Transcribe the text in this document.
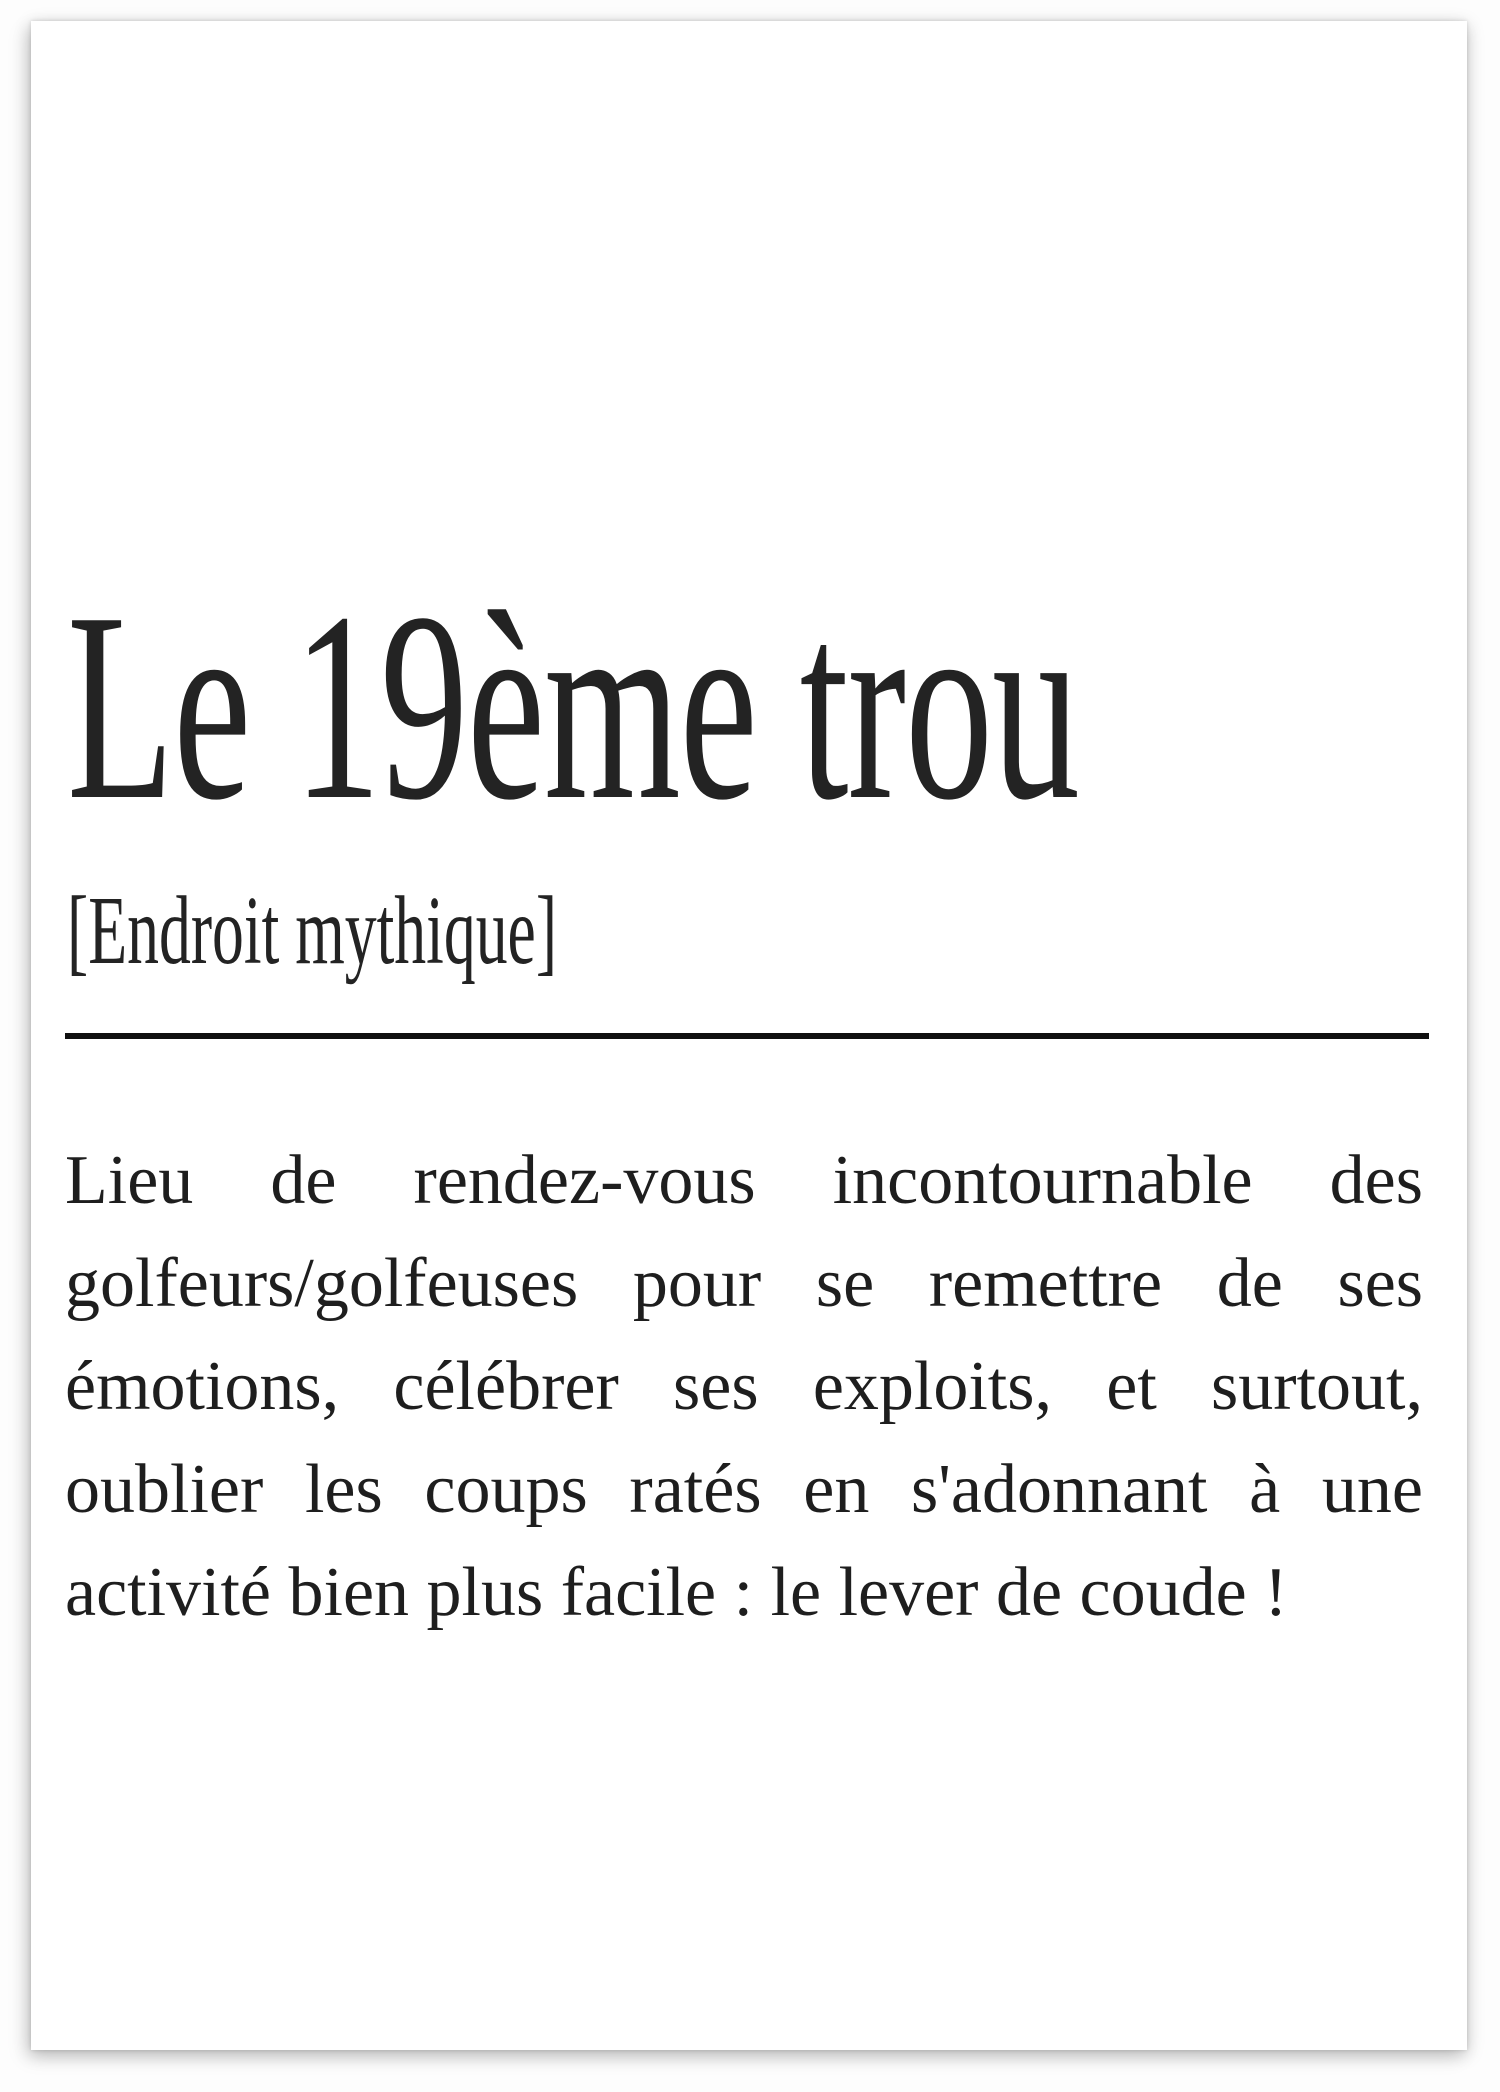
Le 19ème trou
[Endroit mythique]
Lieu de rendez-vous incontournable des
golfeurs/golfeuses pour se remettre de ses
émotions, célébrer ses exploits, et surtout,
oublier les coups ratés en s'adonnant à une
activité bien plus facile : le lever de coude !
